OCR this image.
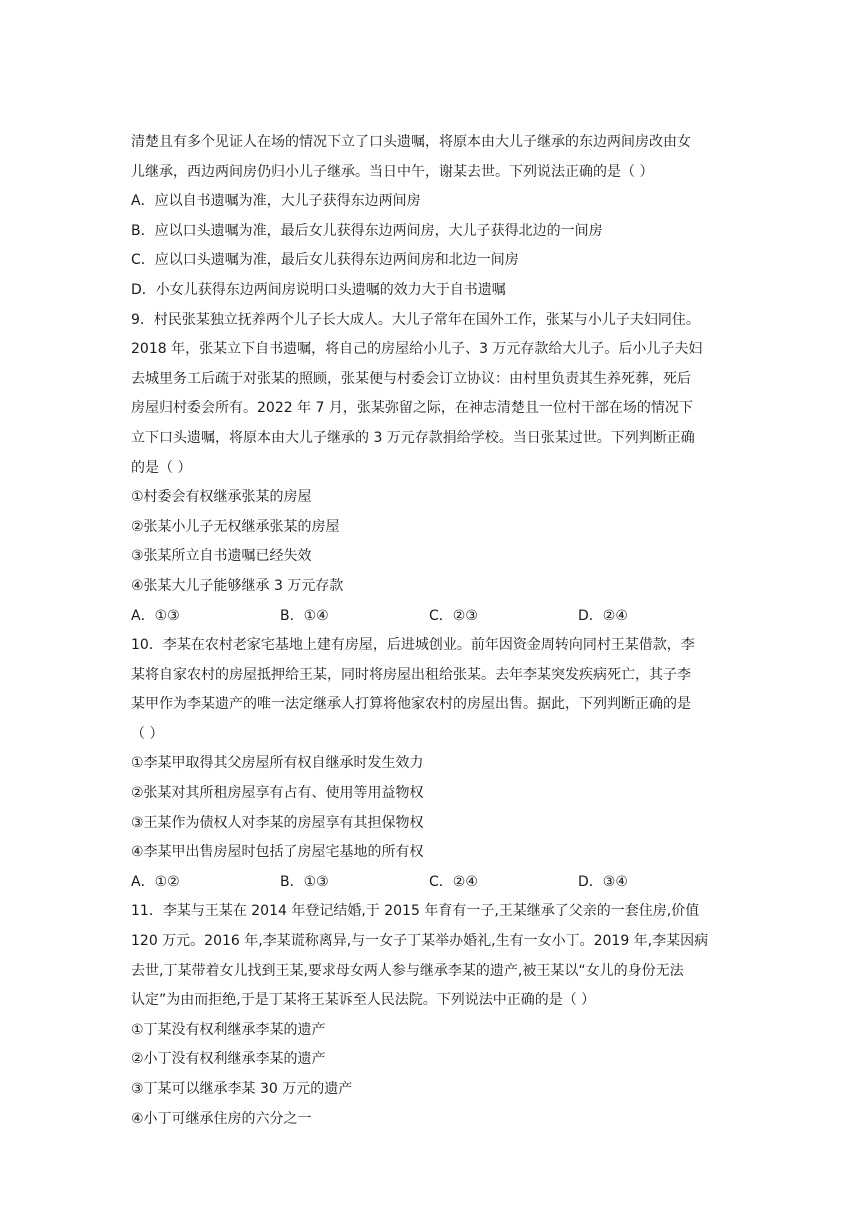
清楚且有多个见证人在场的情况下立了口头遗嘱，将原本由大儿子继承的东边两间房改由女
儿继承，西边两间房仍归小儿子继承。当日中午，谢某去世。下列说法正确的是（ ）
A．应以自书遗嘱为准，大儿子获得东边两间房
B．应以口头遗嘱为准，最后女儿获得东边两间房，大儿子获得北边的一间房
C．应以口头遗嘱为准，最后女儿获得东边两间房和北边一间房
D．小女儿获得东边两间房说明口头遗嘱的效力大于自书遗嘱
9．村民张某独立抚养两个儿子长大成人。大儿子常年在国外工作，张某与小儿子夫妇同住。
2018 年，张某立下自书遗嘱，将自己的房屋给小儿子、3 万元存款给大儿子。后小儿子夫妇
去城里务工后疏于对张某的照顾，张某便与村委会订立协议：由村里负责其生养死葬，死后
房屋归村委会所有。2022 年 7 月，张某弥留之际，在神志清楚且一位村干部在场的情况下
立下口头遗嘱，将原本由大儿子继承的 3 万元存款捐给学校。当日张某过世。下列判断正确
的是（ ）
①村委会有权继承张某的房屋
②张某小儿子无权继承张某的房屋
③张某所立自书遗嘱已经失效
④张某大儿子能够继承 3 万元存款
A．①③	B．①④	C．②③	D．②④
10．李某在农村老家宅基地上建有房屋，后进城创业。前年因资金周转向同村王某借款，李
某将自家农村的房屋抵押给王某，同时将房屋出租给张某。去年李某突发疾病死亡，其子李
某甲作为李某遗产的唯一法定继承人打算将他家农村的房屋出售。据此，下列判断正确的是
（ ）
①李某甲取得其父房屋所有权自继承时发生效力
②张某对其所租房屋享有占有、使用等用益物权
③王某作为债权人对李某的房屋享有其担保物权
④李某甲出售房屋时包括了房屋宅基地的所有权
A．①②	B．①③	C．②④	D．③④
11．李某与王某在 2014 年登记结婚,于 2015 年育有一子,王某继承了父亲的一套住房,价值
120 万元。2016 年,李某谎称离异,与一女子丁某举办婚礼,生有一女小丁。2019 年,李某因病
去世,丁某带着女儿找到王某,要求母女两人参与继承李某的遗产,被王某以“女儿的身份无法
认定”为由而拒绝,于是丁某将王某诉至人民法院。下列说法中正确的是（ ）
①丁某没有权利继承李某的遗产
②小丁没有权利继承李某的遗产
③丁某可以继承李某 30 万元的遗产
④小丁可继承住房的六分之一
